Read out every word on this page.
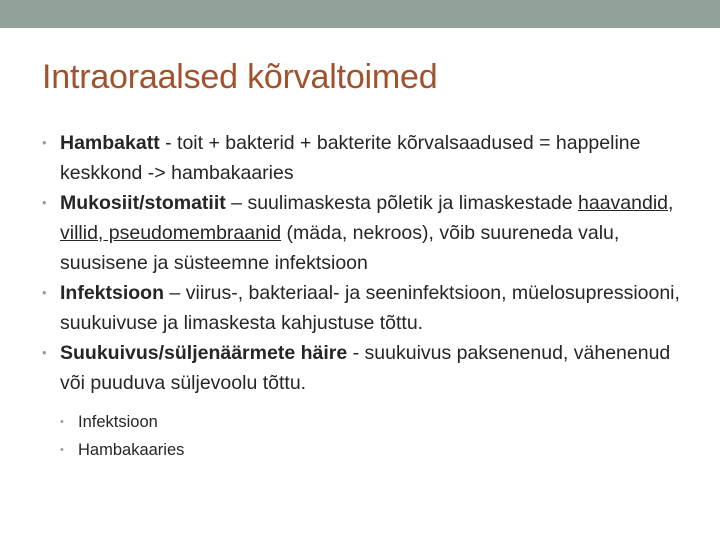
Intraoraalsed kõrvaltoimed
• Hambakatt - toit + bakterid + bakterite kõrvalsaadused = happeline keskkond -> hambakaaries
• Mukosiit/stomatiit – suulimaskesta põletik ja limaskestade haavandid, villid, pseudomembraanid (mäda, nekroos), võib suureneda valu, suusisene ja süsteemne infektsioon
• Infektsioon – viirus-, bakteriaal- ja seeninfektsioon, müelosupressiooni, suukuivuse ja limaskesta kahjustuse tõttu.
• Suukuivus/süljenäärmete häire - suukuivus paksenenud, vähenenud või puuduva süljevoolu tõttu.
• Infektsioon
• Hambakaaries
